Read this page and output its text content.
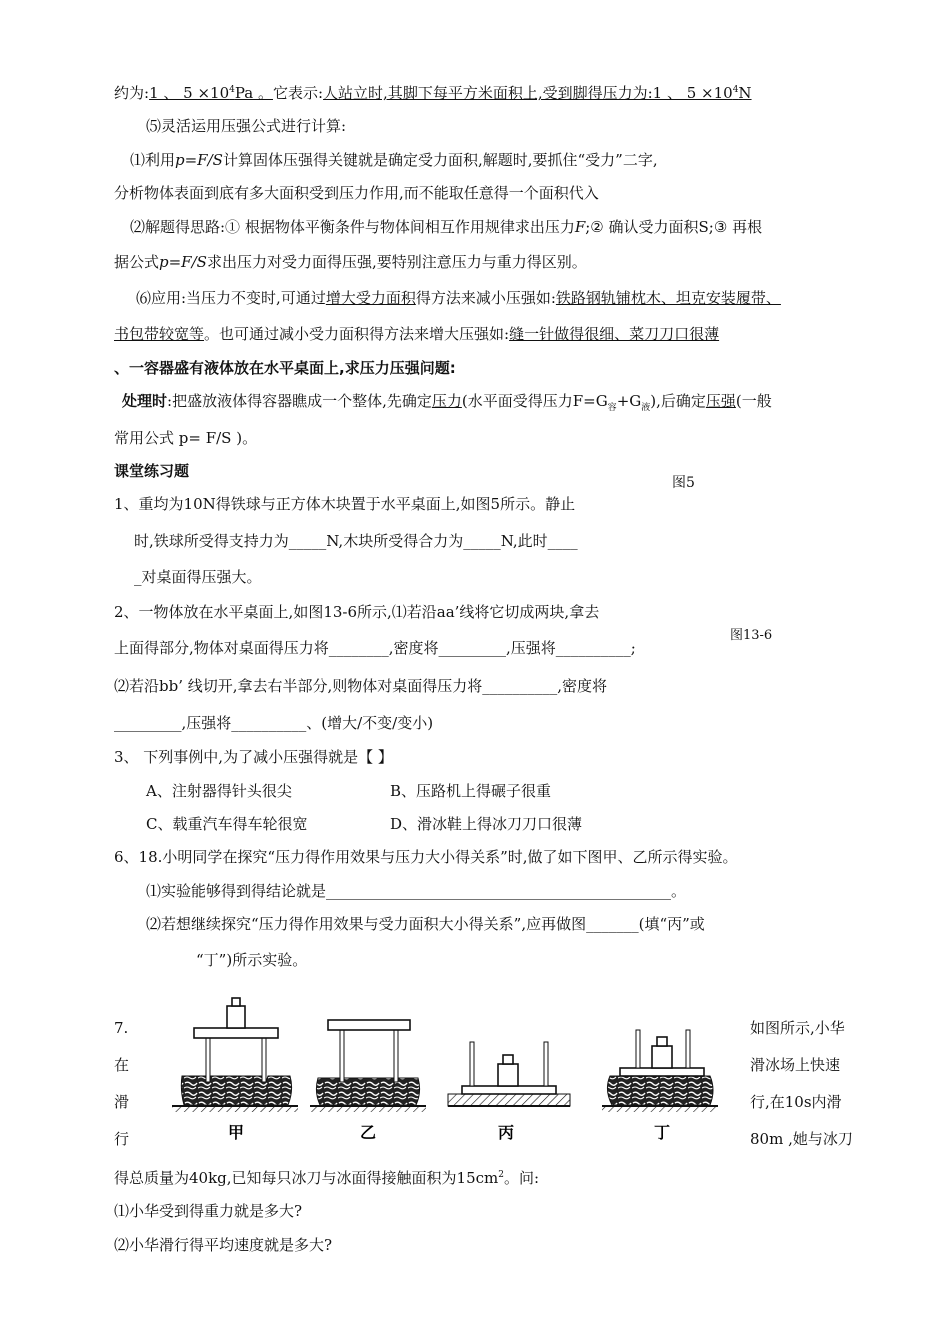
约为:1 、 $5 \times 10^4Pa$ 。它表示:人站立时,其脚下每平方米面积上,受到脚得压力为:1 、 $5 \times 10^4N$
⑸灵活运用压强公式进行计算:
⑴利用p=F/S计算固体压强得关键就是确定受力面积,解题时,要抓住“受力”二字,
分析物体表面到底有多大面积受到压力作用,而不能取任意得一个面积代入
⑵解题得思路:① 根据物体平衡条件与物体间相互作用规律求出压力F;② 确认受力面积S;③ 再根
据公式p=F/S求出压力对受力面得压强,要特别注意压力与重力得区别。
⑹应用:当压力不变时,可通过增大受力面积得方法来减小压强如:铁路钢轨铺枕木、坦克安装履带、
书包带较宽等。也可通过减小受力面积得方法来增大压强如:缝一针做得很细、菜刀刀口很薄
、一容器盛有液体放在水平桌面上,求压力压强问题:
处理时:把盛放液体得容器瞧成一个整体,先确定压力(水平面受得压力$F=G_容+G_液$),后确定压强(一般
常用公式 p= F/S )。
课堂练习题
图5
1、重均为10N得铁球与正方体木块置于水平桌面上,如图5所示。静止
时,铁球所受得支持力为_____N,木块所受得合力为_____N,此时____
_对桌面得压强大。
2、一物体放在水平桌面上,如图13-6所示,⑴若沿aa’线将它切成两块,拿去
图13-6
上面得部分,物体对桌面得压力将________,密度将_________,压强将__________;
⑵若沿bb’ 线切开,拿去右半部分,则物体对桌面得压力将__________,密度将
_________,压强将__________、(增大/不变/变小)
3、 下列事例中,为了减小压强得就是【 】
A、注射器得针头很尖	B、压路机上得碾子很重
C、载重汽车得车轮很宽	D、滑冰鞋上得冰刀刀口很薄
6、18.小明同学在探究“压力得作用效果与压力大小得关系”时,做了如下图甲、乙所示得实验。
⑴实验能够得到得结论就是______________________________________________。
⑵若想继续探究“压力得作用效果与受力面积大小得关系”,应再做图_______(填“丙”或
“丁”)所示实验。
7.
在
滑
行
如图所示,小华
滑冰场上快速
行,在10s内滑
80m ,她与冰刀
甲	乙	丙	丁
得总质量为40kg,已知每只冰刀与冰面得接触面积为$15cm^2$。问:
⑴小华受到得重力就是多大?
⑵小华滑行得平均速度就是多大?
